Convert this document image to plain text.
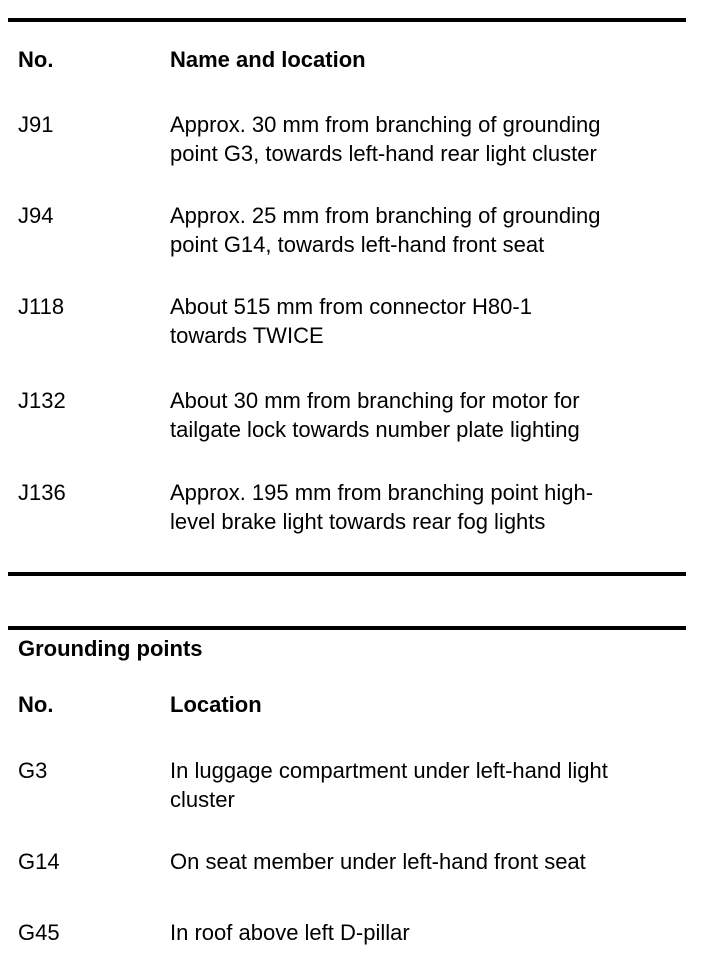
No.	Name and location
J91	Approx. 30 mm from branching of grounding
point G3, towards left-hand rear light cluster
J94	Approx. 25 mm from branching of grounding
point G14, towards left-hand front seat
J118	About 515 mm from connector H80-1
towards TWICE
J132	About 30 mm from branching for motor for
tailgate lock towards number plate lighting
J136	Approx. 195 mm from branching point high-
level brake light towards rear fog lights
Grounding points
No.	Location
G3	In luggage compartment under left-hand light
cluster
G14	On seat member under left-hand front seat
G45	In roof above left D-pillar
